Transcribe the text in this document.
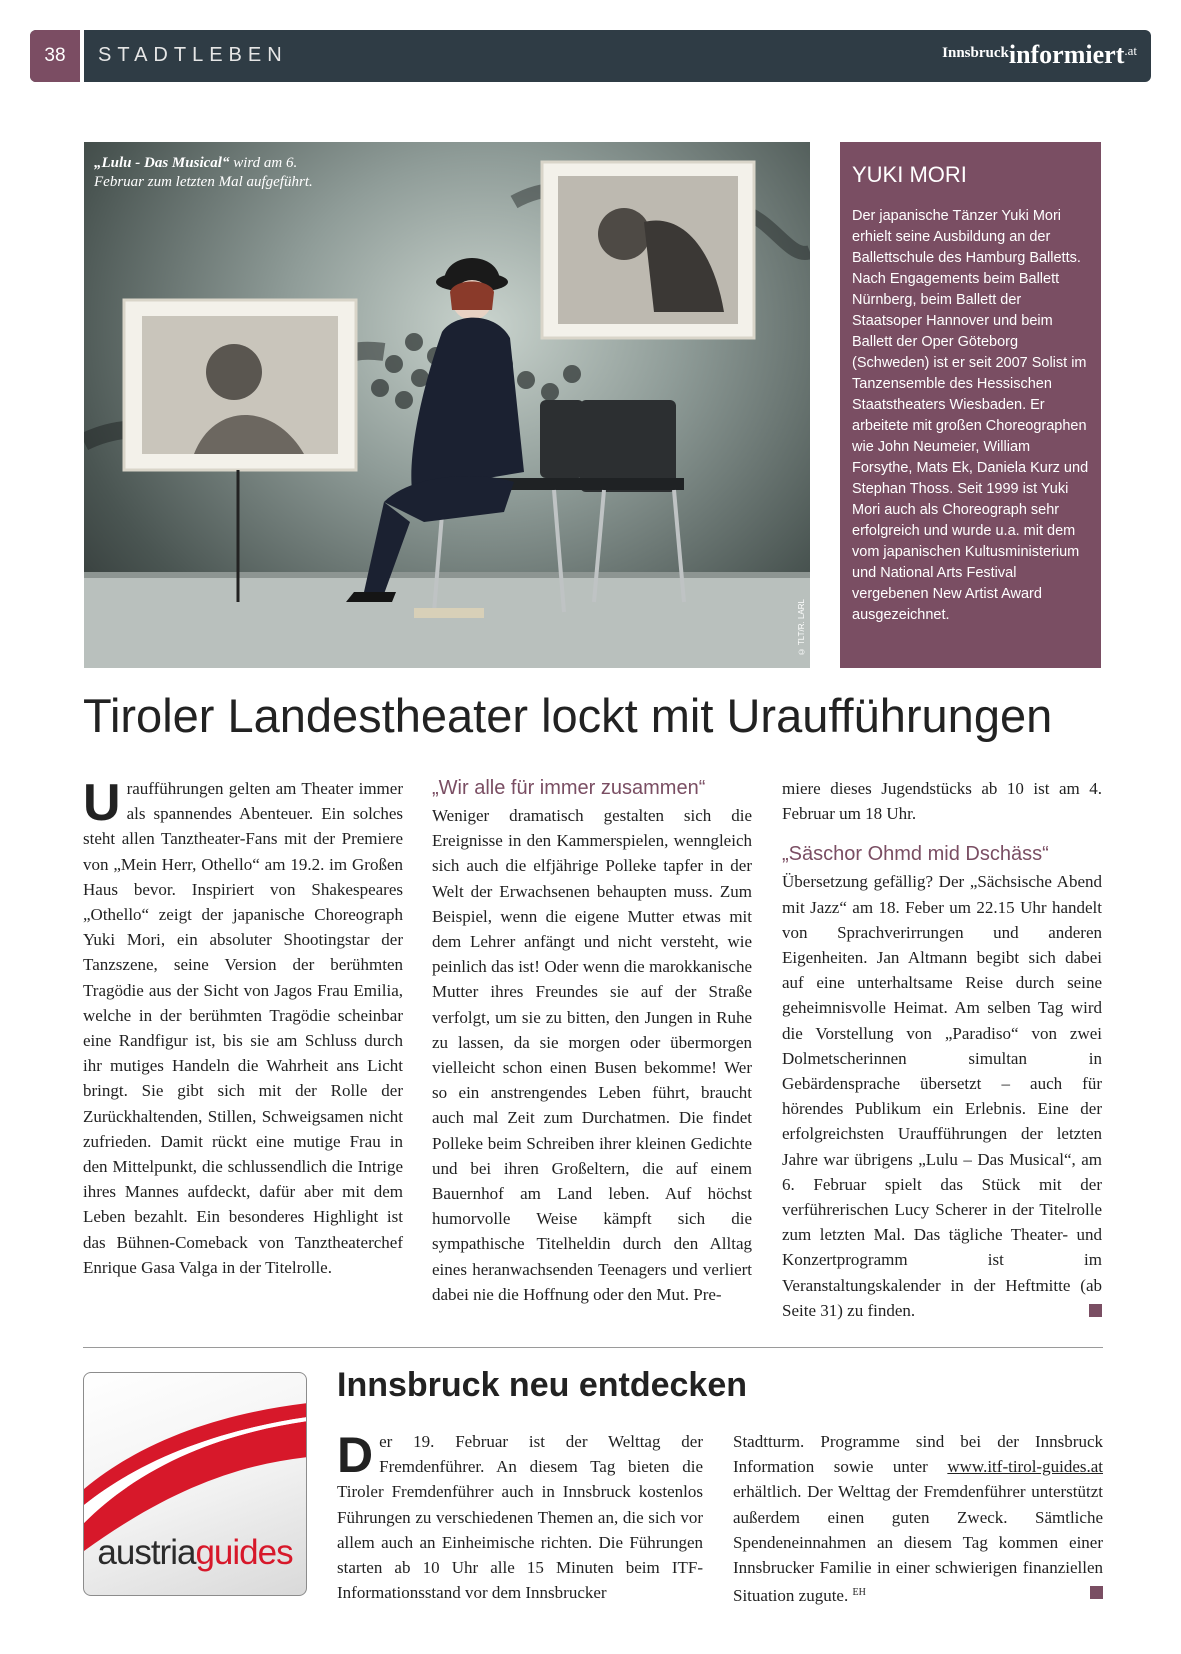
38	STADTLEBEN	Innsbruckinformiert$^{.at}$
„Lulu - Das Musical“ wird am 6. Februar zum letzten Mal aufgeführt.
© TLT/R. LARL
YUKI MORI

Der japanische Tänzer Yuki Mori erhielt seine Ausbildung an der Ballettschule des Hamburg Balletts. Nach Engagements beim Ballett Nürnberg, beim Ballett der Staatsoper Hannover und beim Ballett der Oper Göteborg (Schweden) ist er seit 2007 Solist im Tanzensemble des Hessischen Staatstheaters Wiesbaden. Er arbeitete mit großen Choreographen wie John Neumeier, William Forsythe, Mats Ek, Daniela Kurz und Stephan Thoss. Seit 1999 ist Yuki Mori auch als Choreograph sehr erfolgreich und wurde u.a. mit dem vom japanischen Kultusministerium und National Arts Festival vergebenen New Artist Award ausgezeichnet.

Tiroler Landestheater lockt mit Uraufführungen
Uraufführungen gelten am Theater immer als spannendes Abenteuer. Ein solches steht allen Tanztheater-Fans mit der Premiere von „Mein Herr, Othello“ am 19.2. im Großen Haus bevor. Inspiriert von Shakespeares „Othello“ zeigt der japanische Choreograph Yuki Mori, ein absoluter Shootingstar der Tanzszene, seine Version der berühmten Tragödie aus der Sicht von Jagos Frau Emilia, welche in der berühmten Tragödie scheinbar eine Randfigur ist, bis sie am Schluss durch ihr mutiges Handeln die Wahrheit ans Licht bringt. Sie gibt sich mit der Rolle der Zurückhaltenden, Stillen, Schweigsamen nicht zufrieden. Damit rückt eine mutige Frau in den Mittelpunkt, die schlussendlich die Intrige ihres Mannes aufdeckt, dafür aber mit dem Leben bezahlt. Ein besonderes Highlight ist das Bühnen-Comeback von Tanztheaterchef Enrique Gasa Valga in der Titelrolle.
„Wir alle für immer zusammen“
Weniger dramatisch gestalten sich die Ereignisse in den Kammerspielen, wenngleich sich auch die elfjährige Polleke tapfer in der Welt der Erwachsenen behaupten muss. Zum Beispiel, wenn die eigene Mutter etwas mit dem Lehrer anfängt und nicht versteht, wie peinlich das ist! Oder wenn die marokkanische Mutter ihres Freundes sie auf der Straße verfolgt, um sie zu bitten, den Jungen in Ruhe zu lassen, da sie morgen oder übermorgen vielleicht schon einen Busen bekomme! Wer so ein anstrengendes Leben führt, braucht auch mal Zeit zum Durchatmen. Die findet Polleke beim Schreiben ihrer kleinen Gedichte und bei ihren Großeltern, die auf einem Bauernhof am Land leben. Auf höchst humorvolle Weise kämpft sich die sympathische Titelheldin durch den Alltag eines heranwachsenden Teenagers und verliert dabei nie die Hoffnung oder den Mut. Pre-
miere dieses Jugendstücks ab 10 ist am 4. Februar um 18 Uhr.
„Säschor Ohmd mid Dschäss“
Übersetzung gefällig? Der „Sächsische Abend mit Jazz“ am 18. Feber um 22.15 Uhr handelt von Sprachverirrungen und anderen Eigenheiten. Jan Altmann begibt sich dabei auf eine unterhaltsame Reise durch seine geheimnisvolle Heimat. Am selben Tag wird die Vorstellung von „Paradiso“ von zwei Dolmetscherinnen simultan in Gebärdensprache übersetzt – auch für hörendes Publikum ein Erlebnis. Eine der erfolgreichsten Uraufführungen der letzten Jahre war übrigens „Lulu – Das Musical“, am 6. Februar spielt das Stück mit der verführerischen Lucy Scherer in der Titelrolle zum letzten Mal. Das tägliche Theater- und Konzertprogramm ist im Veranstaltungskalender in der Heftmitte (ab Seite 31) zu finden.
austriaguides
Innsbruck neu entdecken
Der 19. Februar ist der Welttag der Fremdenführer. An diesem Tag bieten die Tiroler Fremdenführer auch in Innsbruck kostenlos Führungen zu verschiedenen Themen an, die sich vor allem auch an Einheimische richten. Die Führungen starten ab 10 Uhr alle 15 Minuten beim ITF-Informationsstand vor dem Innsbrucker
Stadtturm. Programme sind bei der Innsbruck Information sowie unter www.itf-tirol-guides.at erhältlich. Der Welttag der Fremdenführer unterstützt außerdem einen guten Zweck. Sämtliche Spendeneinnahmen an diesem Tag kommen einer Innsbrucker Familie in einer schwierigen finanziellen Situation zugute. $^{EH}$
